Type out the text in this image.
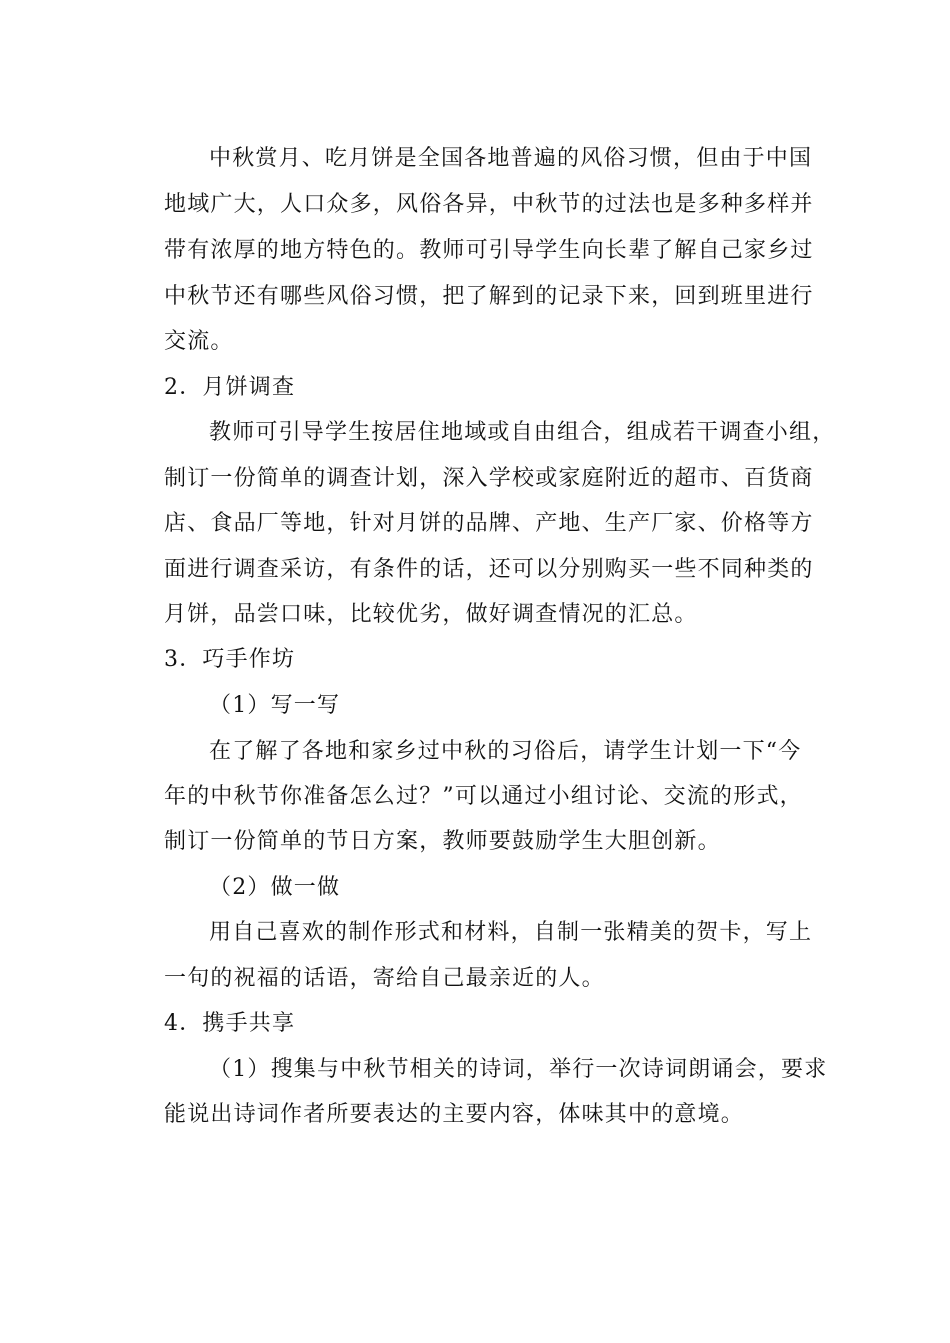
中秋赏月、吃月饼是全国各地普遍的风俗习惯，但由于中国
地域广大，人口众多，风俗各异，中秋节的过法也是多种多样并
带有浓厚的地方特色的。教师可引导学生向长辈了解自己家乡过
中秋节还有哪些风俗习惯，把了解到的记录下来，回到班里进行
交流。
2．月饼调查
教师可引导学生按居住地域或自由组合，组成若干调查小组，
制订一份简单的调查计划，深入学校或家庭附近的超市、百货商
店、食品厂等地，针对月饼的品牌、产地、生产厂家、价格等方
面进行调查采访，有条件的话，还可以分别购买一些不同种类的
月饼，品尝口味，比较优劣，做好调查情况的汇总。
3．巧手作坊
（1）写一写
在了解了各地和家乡过中秋的习俗后，请学生计划一下“今
年的中秋节你准备怎么过？”可以通过小组讨论、交流的形式，
制订一份简单的节日方案，教师要鼓励学生大胆创新。
（2）做一做
用自己喜欢的制作形式和材料，自制一张精美的贺卡，写上
一句的祝福的话语，寄给自己最亲近的人。
4．携手共享
（1）搜集与中秋节相关的诗词，举行一次诗词朗诵会，要求
能说出诗词作者所要表达的主要内容，体味其中的意境。
